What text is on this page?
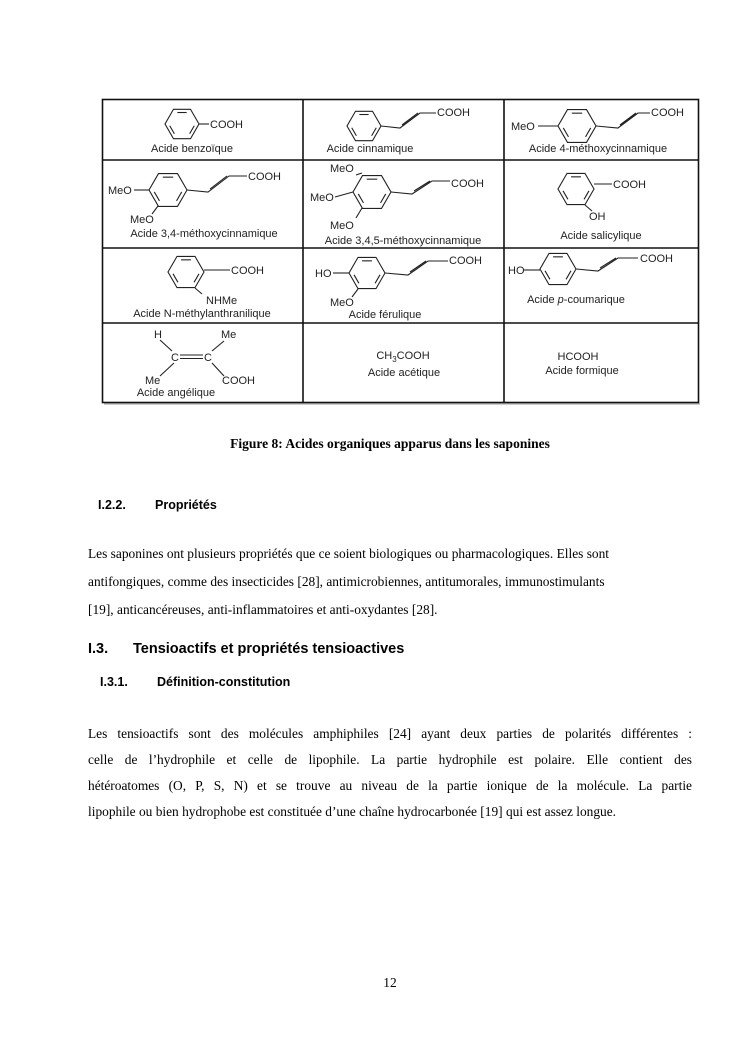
COOH
Acide benzoïque
COOH
Acide cinnamique
MeO
COOH
Acide 4-méthoxycinnamique
MeO
MeO
COOH
Acide 3,4-méthoxycinnamique
MeO
MeO
MeO
COOH
Acide 3,4,5-méthoxycinnamique
COOH
OH
Acide salicylique
COOH
NHMe
Acide N-méthylanthranilique
HO
MeO
COOH
Acide férulique
HO
COOH
Acide p-coumarique
H	Me
C C
Me	COOH
Acide angélique
$CH_3COOH$
Acide acétique
HCOOH
Acide formique
Figure 8: Acides organiques apparus dans les saponines
I.2.2. Propriétés
Les saponines ont plusieurs propriétés que ce soient biologiques ou pharmacologiques. Elles sont
antifongiques, comme des insecticides [28], antimicrobiennes, antitumorales, immunostimulants
[19], anticancéreuses, anti-inflammatoires et anti-oxydantes [28].
I.3. Tensioactifs et propriétés tensioactives
I.3.1. Définition-constitution
Les tensioactifs sont des molécules amphiphiles [24] ayant deux parties de polarités différentes :
celle de l’hydrophile et celle de lipophile. La partie hydrophile est polaire. Elle contient des
hétéroatomes (O, P, S, N) et se trouve au niveau de la partie ionique de la molécule. La partie
lipophile ou bien hydrophobe est constituée d’une chaîne hydrocarbonée [19] qui est assez longue.
12
